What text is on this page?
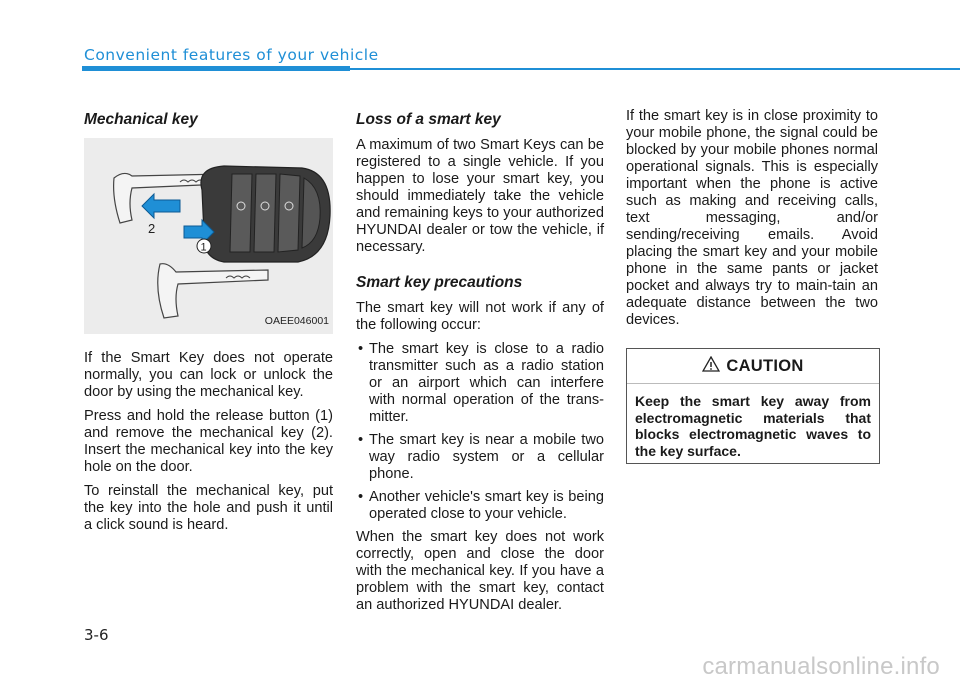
Convenient features of your vehicle
Mechanical key
2
1
OAEE046001

If the Smart Key does not operate normally, you can lock or unlock the door by using the mechanical key.

Press and hold the release button (1) and remove the mechanical key (2). Insert the mechanical key into the key hole on the door.

To reinstall the mechanical key, put the key into the hole and push it until a click sound is heard.

Loss of a smart key

A maximum of two Smart Keys can be registered to a single vehicle. If you happen to lose your smart key, you should immediately take the vehicle and remaining keys to your authorized HYUNDAI dealer or tow the vehicle, if necessary.

Smart key precautions

The smart key will not work if any of the following occur:

• The smart key is close to a radio transmitter such as a radio station or an airport which can interfere with normal operation of the trans-mitter.
• The smart key is near a mobile two way radio system or a cellular phone.
• Another vehicle's smart key is being operated close to your vehicle.

When the smart key does not work correctly, open and close the door with the mechanical key. If you have a problem with the smart key, contact an authorized HYUNDAI dealer.

If the smart key is in close proximity to your mobile phone, the signal could be blocked by your mobile phones normal operational signals. This is especially important when the phone is active such as making and receiving calls, text messaging, and/or sending/receiving emails. Avoid placing the smart key and your mobile phone in the same pants or jacket pocket and always try to main-tain an adequate distance between the two devices.

CAUTION
Keep the smart key away from electromagnetic materials that blocks electromagnetic waves to the key surface.
3-6
carmanualsonline.info
